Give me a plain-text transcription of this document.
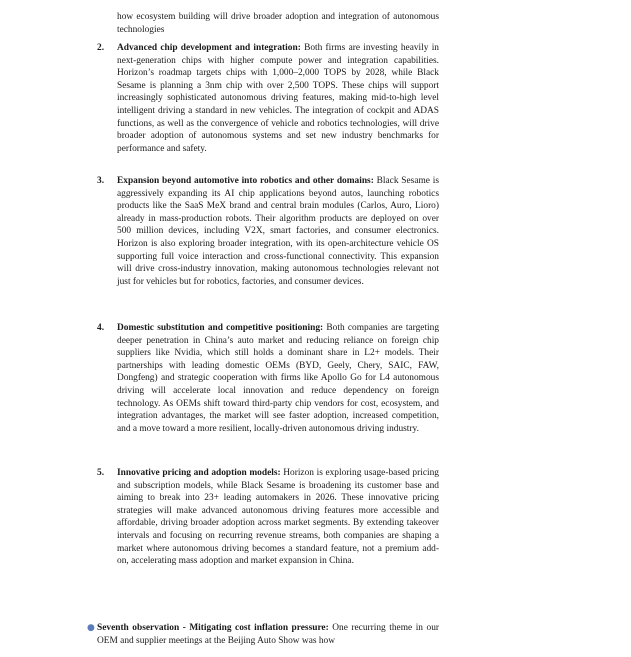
how ecosystem building will drive broader adoption and integration of autonomous technologies

2. Advanced chip development and integration: Both firms are investing heavily in next-generation chips with higher compute power and integration capabilities. Horizon’s roadmap targets chips with 1,000–2,000 TOPS by 2028, while Black Sesame is planning a 3nm chip with over 2,500 TOPS. These chips will support increasingly sophisticated autonomous driving features, making mid-to-high level intelligent driving a standard in new vehicles. The integration of cockpit and ADAS functions, as well as the convergence of vehicle and robotics technologies, will drive broader adoption of autonomous systems and set new industry benchmarks for performance and safety.
3. Expansion beyond automotive into robotics and other domains: Black Sesame is aggressively expanding its AI chip applications beyond autos, launching robotics products like the SaaS MeX brand and central brain modules (Carlos, Auro, Lioro) already in mass-production robots. Their algorithm products are deployed on over 500 million devices, including V2X, smart factories, and consumer electronics. Horizon is also exploring broader integration, with its open-architecture vehicle OS supporting full voice interaction and cross-functional connectivity. This expansion will drive cross-industry innovation, making autonomous technologies relevant not just for vehicles but for robotics, factories, and consumer devices.
4. Domestic substitution and competitive positioning: Both companies are targeting deeper penetration in China’s auto market and reducing reliance on foreign chip suppliers like Nvidia, which still holds a dominant share in L2+ models. Their partnerships with leading domestic OEMs (BYD, Geely, Chery, SAIC, FAW, Dongfeng) and strategic cooperation with firms like Apollo Go for L4 autonomous driving will accelerate local innovation and reduce dependency on foreign technology. As OEMs shift toward third-party chip vendors for cost, ecosystem, and integration advantages, the market will see faster adoption, increased competition, and a move toward a more resilient, locally-driven autonomous driving industry.
5. Innovative pricing and adoption models: Horizon is exploring usage-based pricing and subscription models, while Black Sesame is broadening its customer base and aiming to break into 23+ leading automakers in 2026. These innovative pricing strategies will make advanced autonomous driving features more accessible and affordable, driving broader adoption across market segments. By extending takeover intervals and focusing on recurring revenue streams, both companies are shaping a market where autonomous driving becomes a standard feature, not a premium add-on, accelerating mass adoption and market expansion in China.
● Seventh observation - Mitigating cost inflation pressure: One recurring theme in our OEM and supplier meetings at the Beijing Auto Show was how
